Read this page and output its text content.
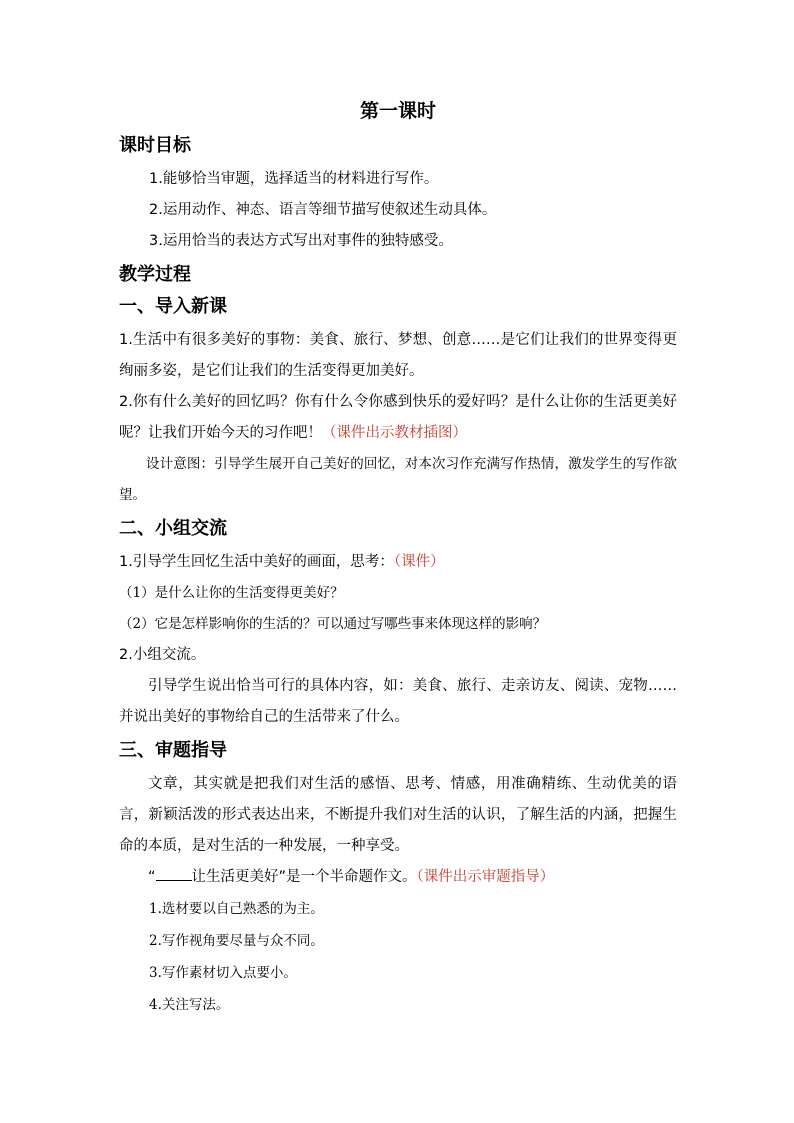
第一课时
课时目标

1.能够恰当审题，选择适当的材料进行写作。

2.运用动作、神态、语言等细节描写使叙述生动具体。

3.运用恰当的表达方式写出对事件的独特感受。

教学过程
一、导入新课

1.生活中有很多美好的事物：美食、旅行、梦想、创意……是它们让我们的世界变得更绚丽多姿，是它们让我们的生活变得更加美好。

2.你有什么美好的回忆吗？你有什么令你感到快乐的爱好吗？是什么让你的生活更美好呢？让我们开始今天的习作吧！（课件出示教材插图）

设计意图：引导学生展开自己美好的回忆，对本次习作充满写作热情，激发学生的写作欲望。

二、小组交流

1.引导学生回忆生活中美好的画面，思考：（课件）

（1）是什么让你的生活变得更美好？

（2）它是怎样影响你的生活的？可以通过写哪些事来体现这样的影响？

2.小组交流。

引导学生说出恰当可行的具体内容，如：美食、旅行、走亲访友、阅读、宠物……并说出美好的事物给自己的生活带来了什么。

三、审题指导

文章，其实就是把我们对生活的感悟、思考、情感，用准确精练、生动优美的语言，新颖活泼的形式表达出来，不断提升我们对生活的认识，了解生活的内涵，把握生命的本质，是对生活的一种发展，一种享受。

“ 让生活更美好”是一个半命题作文。（课件出示审题指导）

1.选材要以自己熟悉的为主。

2.写作视角要尽量与众不同。

3.写作素材切入点要小。

4.关注写法。
